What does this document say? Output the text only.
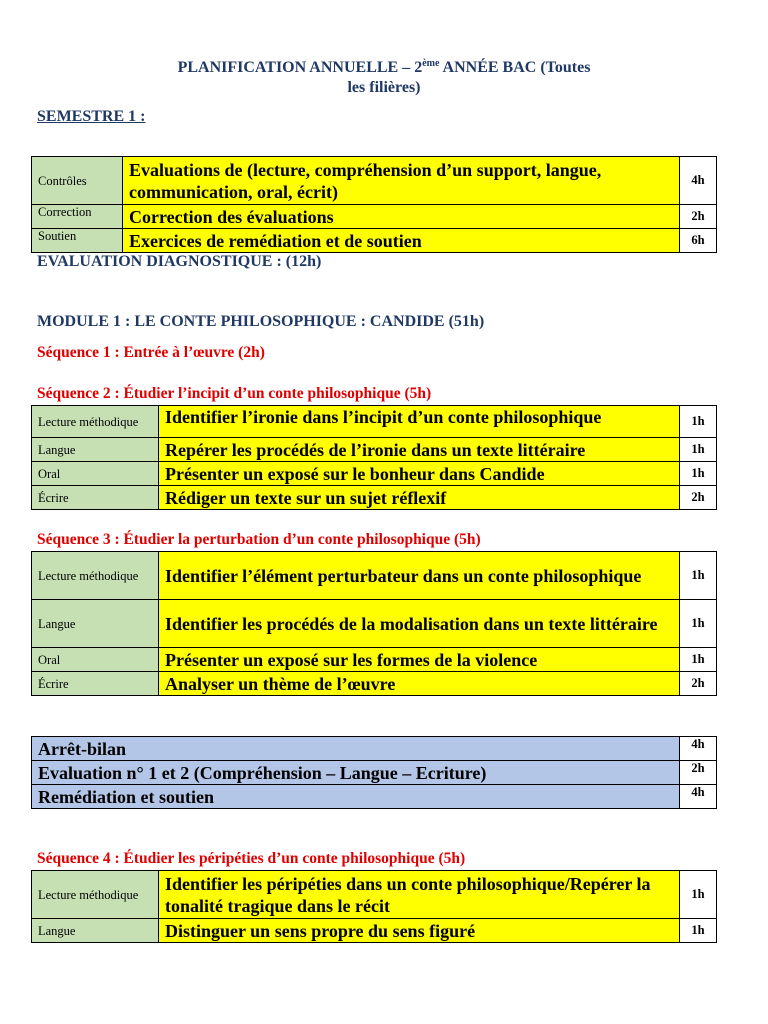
PLANIFICATION ANNUELLE – 2ème ANNÉE BAC (Toutes
les filières)
SEMESTRE 1 :
Contrôles	Evaluations de (lecture, compréhension d’un support, langue, communication, oral, écrit)	4h
Correction	Correction des évaluations	2h
Soutien	Exercices de remédiation et de soutien	6h
EVALUATION DIAGNOSTIQUE : (12h)
MODULE 1 : LE CONTE PHILOSOPHIQUE : CANDIDE (51h)
Séquence 1 : Entrée à l’œuvre (2h)
Séquence 2 : Étudier l’incipit d’un conte philosophique (5h)
Lecture méthodique	Identifier l’ironie dans l’incipit d’un conte philosophique	1h
Langue	Repérer les procédés de l’ironie dans un texte littéraire	1h
Oral	Présenter un exposé sur le bonheur dans Candide	1h
Écrire	Rédiger un texte sur un sujet réflexif	2h
Séquence 3 : Étudier la perturbation d’un conte philosophique (5h)
Lecture méthodique	Identifier l’élément perturbateur dans un conte philosophique	1h
Langue	Identifier les procédés de la modalisation dans un texte littéraire	1h
Oral	Présenter un exposé sur les formes de la violence	1h
Écrire	Analyser un thème de l’œuvre	2h
Arrêt-bilan	4h
Evaluation n° 1 et 2 (Compréhension – Langue – Ecriture)	2h
Remédiation et soutien	4h
Séquence 4 : Étudier les péripéties d’un conte philosophique (5h)
Lecture méthodique	Identifier les péripéties dans un conte philosophique/Repérer la tonalité tragique dans le récit	1h
Langue	Distinguer un sens propre du sens figuré	1h
